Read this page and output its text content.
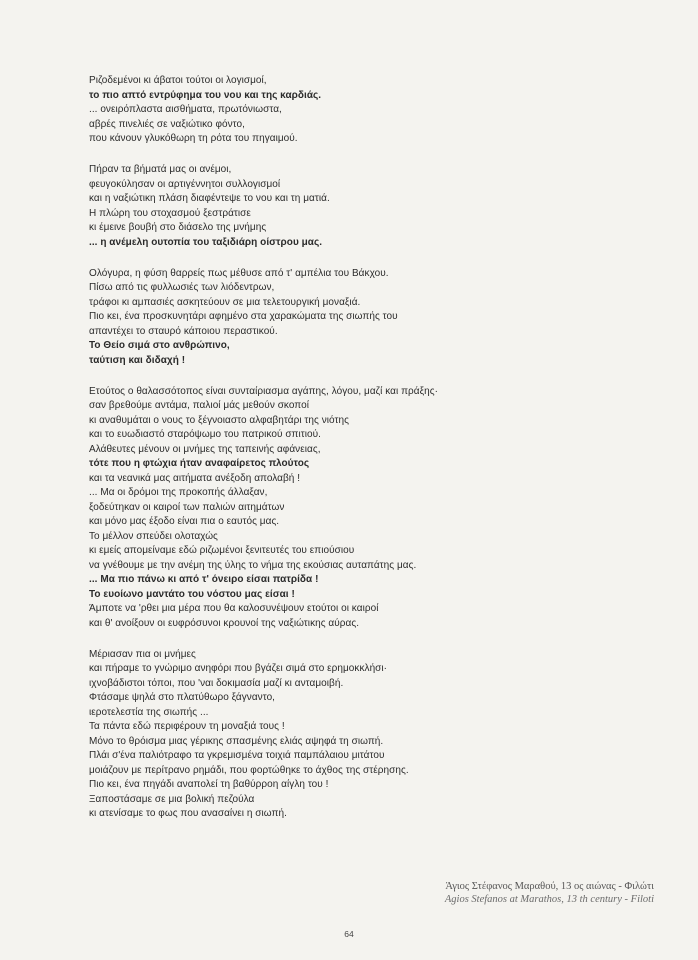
Ριζοδεμένοι κι άβατοι τούτοι οι λογισμοί,
το πιο απτό εντρύφημα του νου και της καρδιάς.
... ονειρόπλαστα αισθήματα, πρωτόνιωστα,
αβρές πινελιές σε ναξιώτικο φόντο,
που κάνουν γλυκόθωρη τη ρότα του πηγαιμού.
Πήραν τα βήματά μας οι ανέμοι,
φευγοκύλησαν οι αρτιγέννητοι συλλογισμοί
και η ναξιώτικη πλάση διαφέντεψε το νου και τη ματιά.
Η πλώρη του στοχασμού ξεστράτισε
κι έμεινε βουβή στο διάσελο της μνήμης
... η ανέμελη ουτοπία του ταξιδιάρη οίστρου μας.
Ολόγυρα, η φύση θαρρείς πως μέθυσε από τ' αμπέλια του Βάκχου.
Πίσω από τις φυλλωσιές των λιόδεντρων,
τράφοι κι αμπασιές ασκητεύουν σε μια τελετουργική μοναξιά.
Πιο κει, ένα προσκυνητάρι αφημένο στα χαρακώματα της σιωπής του
απαντέχει το σταυρό κάποιου περαστικού.
Το Θείο σιμά στο ανθρώπινο,
ταύτιση και διδαχή !
Ετούτος ο θαλασσότοπος είναι συνταίριασμα αγάπης, λόγου, μαζί και πράξης·
σαν βρεθούμε αντάμα, παλιοί μάς μεθούν σκοποί
κι αναθυμάται ο νους το ξέγνοιαστο αλφαβητάρι της νιότης
και το ευωδιαστό σταρόψωμο του πατρικού σπιτιού.
Αλάθευτες μένουν οι μνήμες της ταπεινής αφάνειας,
τότε που η φτώχια ήταν αναφαίρετος πλούτος
και τα νεανικά μας αιτήματα ανέξοδη απολαβή !
... Μα οι δρόμοι της προκοπής άλλαξαν,
ξοδεύτηκαν οι καιροί των παλιών αιτημάτων
και μόνο μας έξοδο είναι πια ο εαυτός μας.
Το μέλλον σπεύδει ολοταχώς
κι εμείς απομείναμε εδώ ριζωμένοι ξενιτευτές του επιούσιου
να γνέθουμε με την ανέμη της ύλης το νήμα της εκούσιας αυταπάτης μας.
... Μα πιο πάνω κι από τ' όνειρο είσαι πατρίδα !
Το ευοίωνο μαντάτο του νόστου μας είσαι !
Άμποτε να 'ρθει μια μέρα που θα καλοσυνέψουν ετούτοι οι καιροί
και θ' ανοίξουν οι ευφρόσυνοι κρουνοί της ναξιώτικης αύρας.
Μέριασαν πια οι μνήμες
και πήραμε το γνώριμο ανηφόρι που βγάζει σιμά στο ερημοκκλήσι·
ιχνοβάδιστοι τόποι, που 'ναι δοκιμασία μαζί κι ανταμοιβή.
Φτάσαμε ψηλά στο πλατύθωρο ξάγναντο,
ιεροτελεστία της σιωπής ...
Τα πάντα εδώ περιφέρουν τη μοναξιά τους !
Μόνο το θρόισμα μιας γέρικης σπασμένης ελιάς αψηφά τη σιωπή.
Πλάι σ'ένα παλιότραφο τα γκρεμισμένα τοιχιά παμπάλαιου μιτάτου
μοιάζουν με περίτρανο ρημάδι, που φορτώθηκε το άχθος της στέρησης.
Πιο κει, ένα πηγάδι αναπολεί τη βαθύρροη αίγλη του !
Ξαποστάσαμε σε μια βολική πεζούλα
κι ατενίσαμε το φως που ανασαίνει η σιωπή.
Άγιος Στέφανος Μαραθού, 13 ος αιώνας - Φιλώτι
Agios Stefanos at Marathos, 13 th century - Filoti
64
